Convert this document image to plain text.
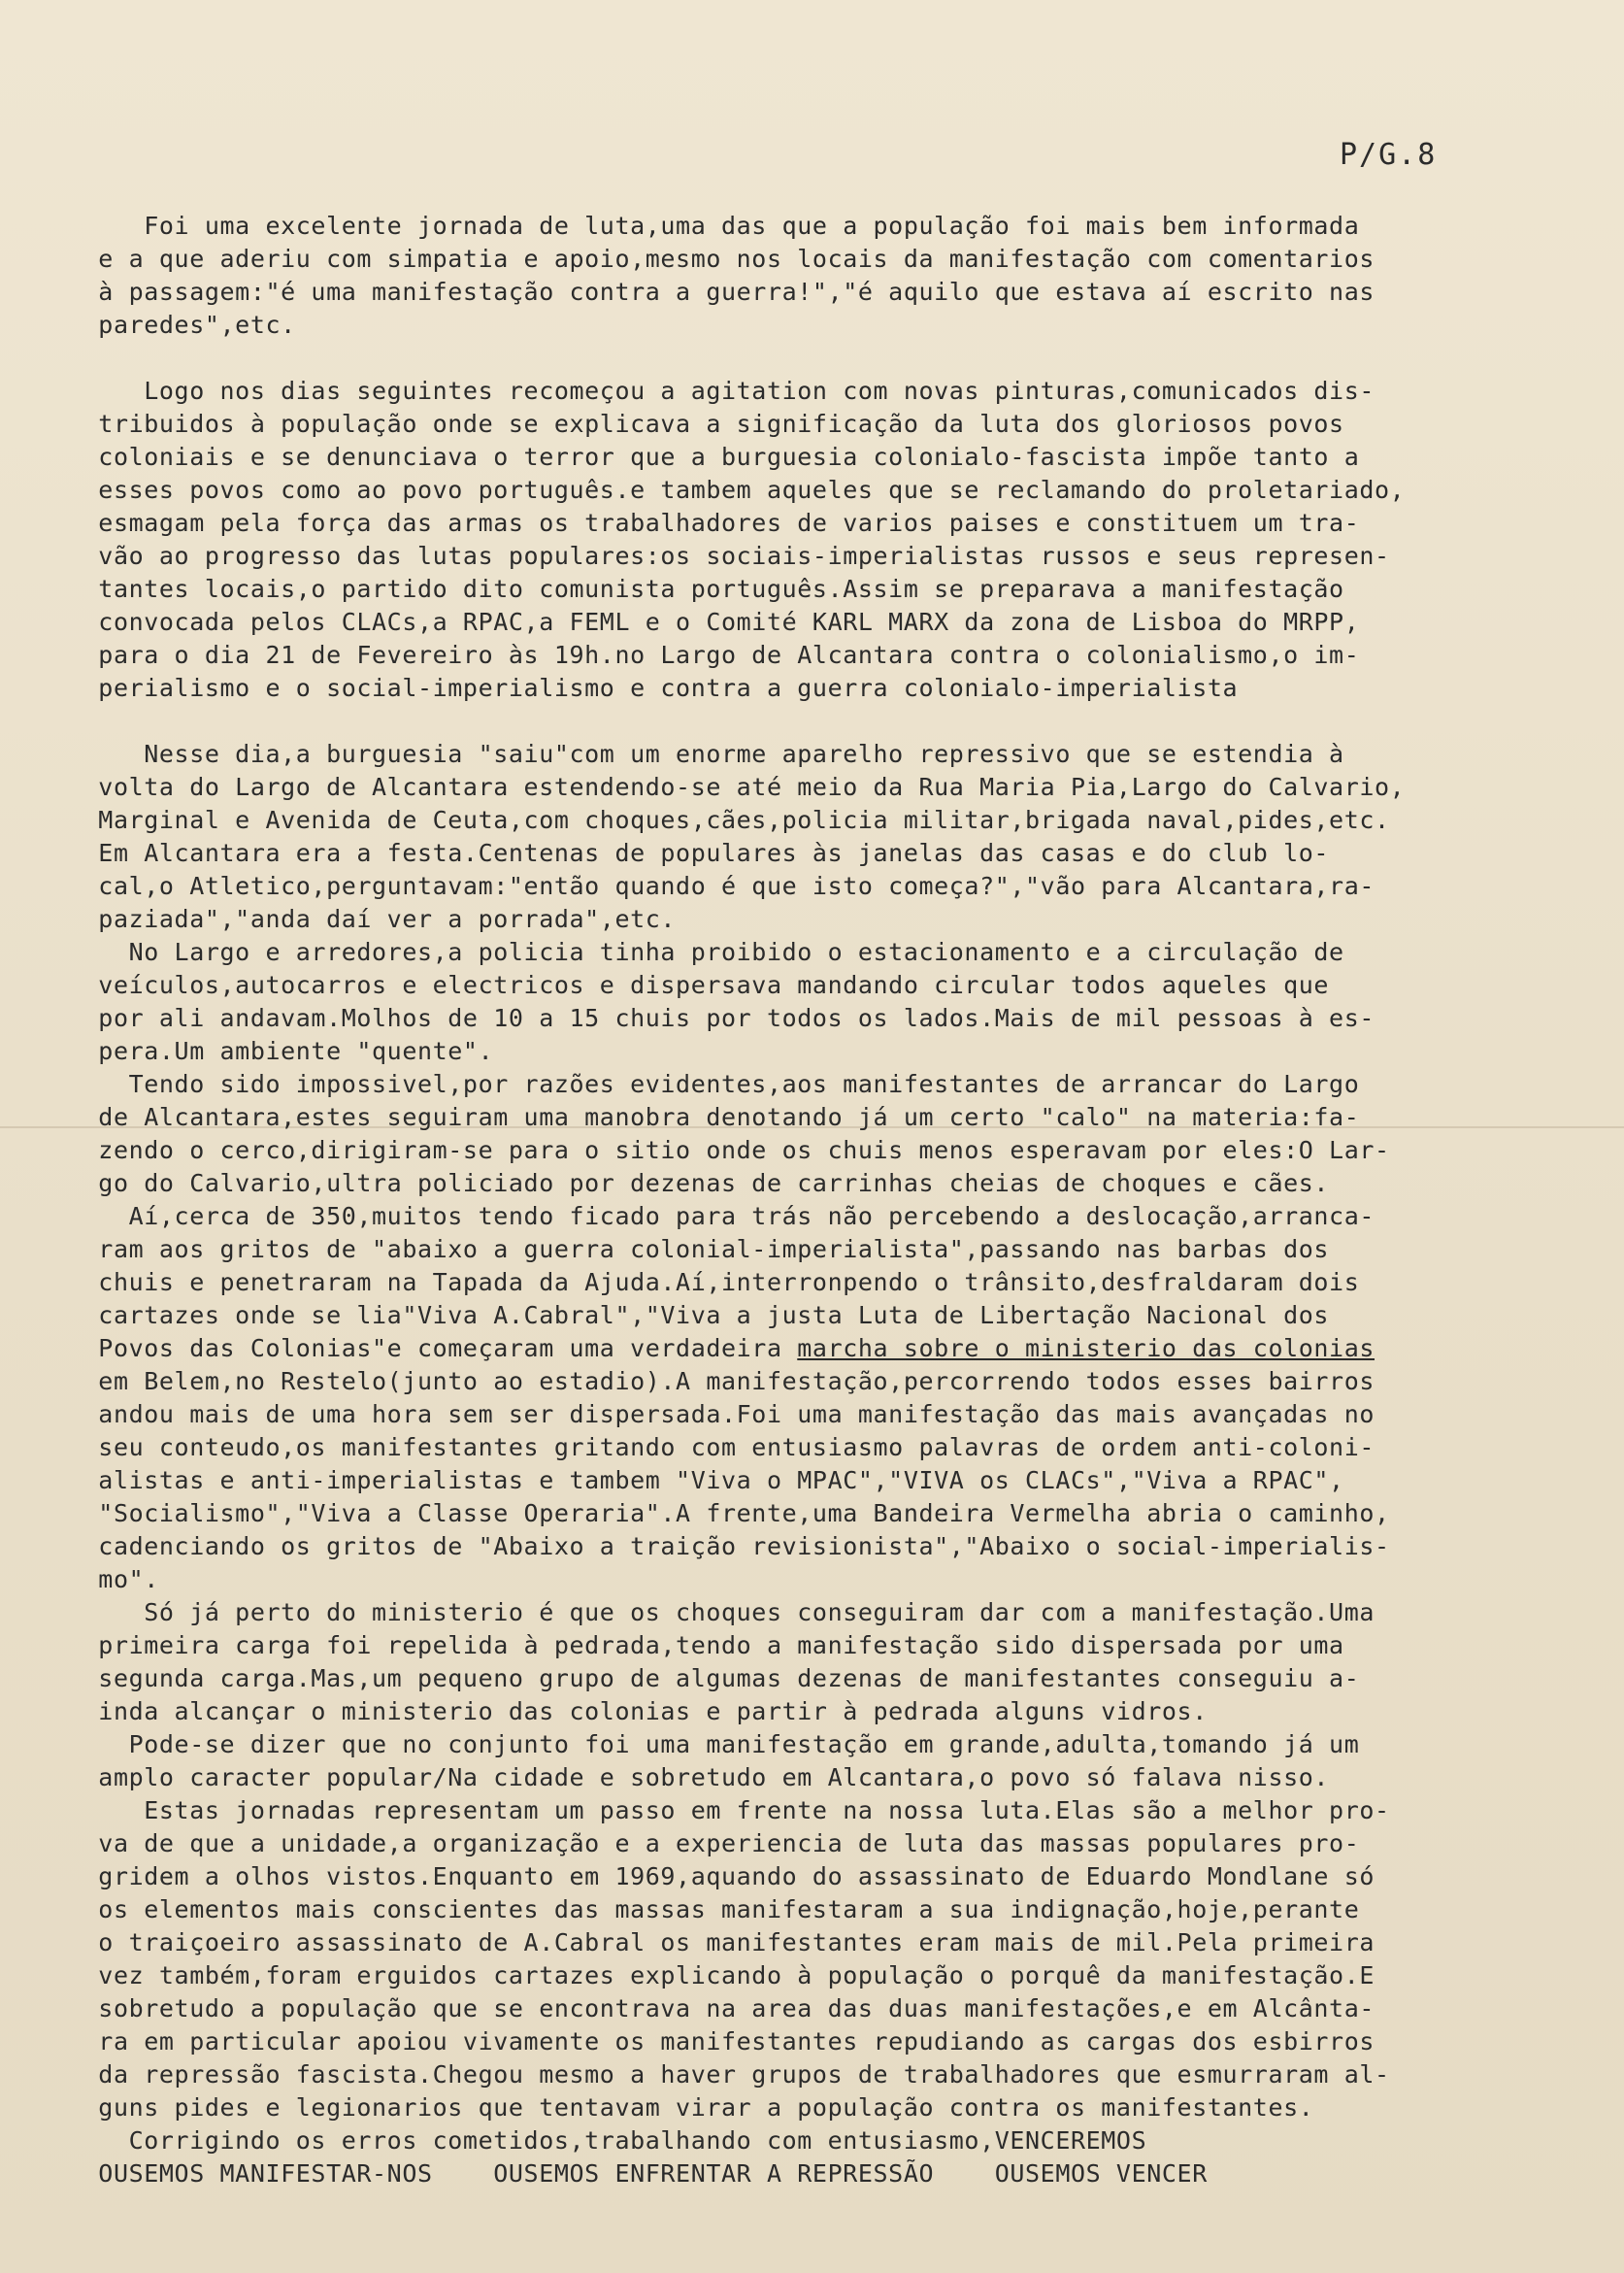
P/G.8
Foi uma excelente jornada de luta,uma das que a população foi mais bem informada
e a que aderiu com simpatia e apoio,mesmo nos locais da manifestação com comentarios
à passagem:"é uma manifestação contra a guerra!","é aquilo que estava aí escrito nas
paredes",etc.
Logo nos dias seguintes recomeçou a agitation com novas pinturas,comunicados dis-
tribuidos à população onde se explicava a significação da luta dos gloriosos povos
coloniais e se denunciava o terror que a burguesia colonialo-fascista impõe tanto a
esses povos como ao povo português.e tambem aqueles que se reclamando do proletariado,
esmagam pela força das armas os trabalhadores de varios paises e constituem um tra-
vão ao progresso das lutas populares:os sociais-imperialistas russos e seus represen-
tantes locais,o partido dito comunista português.Assim se preparava a manifestação
convocada pelos CLACs,a RPAC,a FEML e o Comité KARL MARX da zona de Lisboa do MRPP,
para o dia 21 de Fevereiro às 19h.no Largo de Alcantara contra o colonialismo,o im-
perialismo e o social-imperialismo e contra a guerra colonialo-imperialista
Nesse dia,a burguesia "saiu"com um enorme aparelho repressivo que se estendia à
volta do Largo de Alcantara estendendo-se até meio da Rua Maria Pia,Largo do Calvario,
Marginal e Avenida de Ceuta,com choques,cães,policia militar,brigada naval,pides,etc.
Em Alcantara era a festa.Centenas de populares às janelas das casas e do club lo-
cal,o Atletico,perguntavam:"então quando é que isto começa?","vão para Alcantara,ra-
paziada","anda daí ver a porrada",etc.
No Largo e arredores,a policia tinha proibido o estacionamento e a circulação de
veículos,autocarros e electricos e dispersava mandando circular todos aqueles que
por ali andavam.Molhos de 10 a 15 chuis por todos os lados.Mais de mil pessoas à es-
pera.Um ambiente "quente".
Tendo sido impossivel,por razões evidentes,aos manifestantes de arrancar do Largo
de Alcantara,estes seguiram uma manobra denotando já um certo "calo" na materia:fa-
zendo o cerco,dirigiram-se para o sitio onde os chuis menos esperavam por eles:O Lar-
go do Calvario,ultra policiado por dezenas de carrinhas cheias de choques e cães.
Aí,cerca de 350,muitos tendo ficado para trás não percebendo a deslocação,arranca-
ram aos gritos de "abaixo a guerra colonial-imperialista",passando nas barbas dos
chuis e penetraram na Tapada da Ajuda.Aí,interronpendo o trânsito,desfraldaram dois
cartazes onde se lia"Viva A.Cabral","Viva a justa Luta de Libertação Nacional dos
Povos das Colonias"e começaram uma verdadeira marcha sobre o ministerio das colonias
em Belem,no Restelo(junto ao estadio).A manifestação,percorrendo todos esses bairros
andou mais de uma hora sem ser dispersada.Foi uma manifestação das mais avançadas no
seu conteudo,os manifestantes gritando com entusiasmo palavras de ordem anti-coloni-
alistas e anti-imperialistas e tambem "Viva o MPAC","VIVA os CLACs","Viva a RPAC",
"Socialismo","Viva a Classe Operaria".A frente,uma Bandeira Vermelha abria o caminho,
cadenciando os gritos de "Abaixo a traição revisionista","Abaixo o social-imperialis-
mo".
Só já perto do ministerio é que os choques conseguiram dar com a manifestação.Uma
primeira carga foi repelida à pedrada,tendo a manifestação sido dispersada por uma
segunda carga.Mas,um pequeno grupo de algumas dezenas de manifestantes conseguiu a-
inda alcançar o ministerio das colonias e partir à pedrada alguns vidros.
Pode-se dizer que no conjunto foi uma manifestação em grande,adulta,tomando já um
amplo caracter popular/Na cidade e sobretudo em Alcantara,o povo só falava nisso.
Estas jornadas representam um passo em frente na nossa luta.Elas são a melhor pro-
va de que a unidade,a organização e a experiencia de luta das massas populares pro-
gridem a olhos vistos.Enquanto em 1969,aquando do assassinato de Eduardo Mondlane só
os elementos mais conscientes das massas manifestaram a sua indignação,hoje,perante
o traiçoeiro assassinato de A.Cabral os manifestantes eram mais de mil.Pela primeira
vez também,foram erguidos cartazes explicando à população o porquê da manifestação.E
sobretudo a população que se encontrava na area das duas manifestações,e em Alcânta-
ra em particular apoiou vivamente os manifestantes repudiando as cargas dos esbirros
da repressão fascista.Chegou mesmo a haver grupos de trabalhadores que esmurraram al-
guns pides e legionarios que tentavam virar a população contra os manifestantes.
Corrigindo os erros cometidos,trabalhando com entusiasmo,VENCEREMOS
OUSEMOS MANIFESTAR-NOS    OUSEMOS ENFRENTAR A REPRESSÃO    OUSEMOS VENCER
